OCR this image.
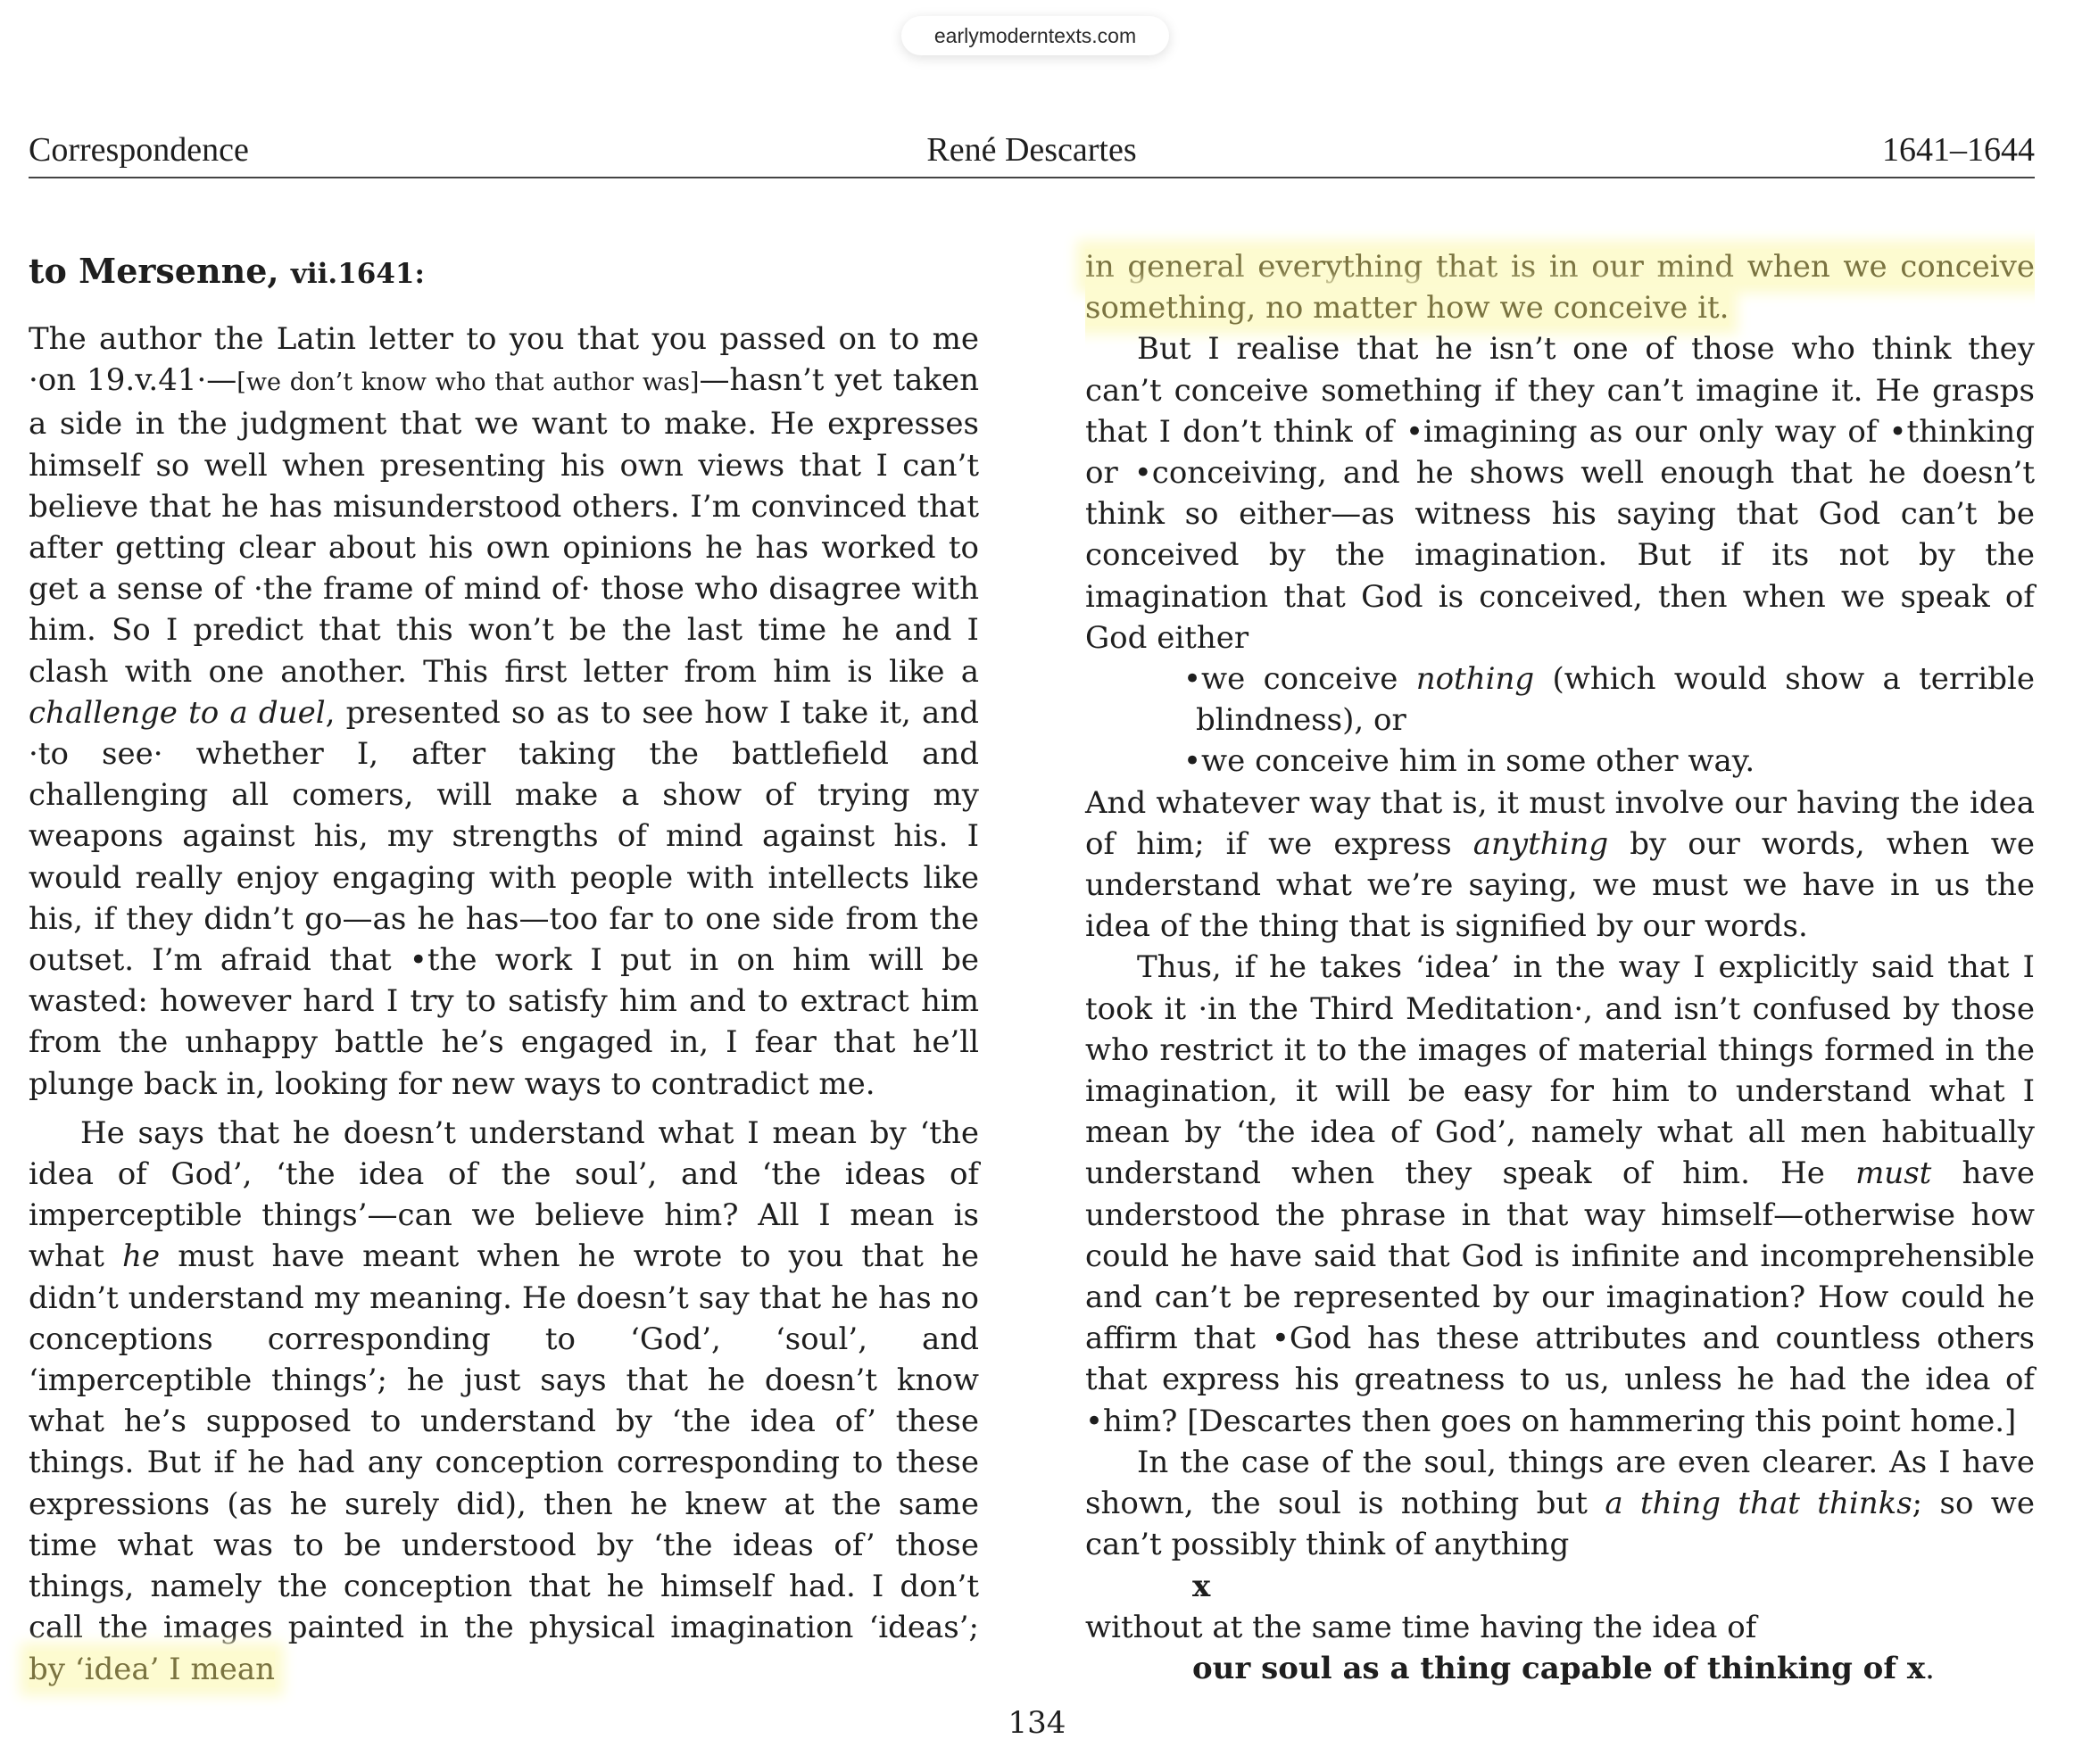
earlymoderntexts.com
Correspondence	René Descartes	1641–1644

to Mersenne, vii.1641:

The author the Latin letter to you that you passed on to me ·on 19.v.41·—[we don’t know who that author was]—hasn’t yet taken a side in the judgment that we want to make. He expresses himself so well when presenting his own views that I can’t believe that he has misunderstood others. I’m convinced that after getting clear about his own opinions he has worked to get a sense of ·the frame of mind of· those who disagree with him. So I predict that this won’t be the last time he and I clash with one another. This first letter from him is like a challenge to a duel, presented so as to see how I take it, and ·to see· whether I, after taking the battlefield and challenging all comers, will make a show of trying my weapons against his, my strengths of mind against his. I would really enjoy engaging with people with intellects like his, if they didn’t go—as he has—too far to one side from the outset. I’m afraid that •the work I put in on him will be wasted: however hard I try to satisfy him and to extract him from the unhappy battle he’s engaged in, I fear that he’ll plunge back in, looking for new ways to contradict me.

He says that he doesn’t understand what I mean by ‘the idea of God’, ‘the idea of the soul’, and ‘the ideas of imperceptible things’—can we believe him? All I mean is what he must have meant when he wrote to you that he didn’t understand my meaning. He doesn’t say that he has no conceptions corresponding to ‘God’, ‘soul’, and ‘imperceptible things’; he just says that he doesn’t know what he’s supposed to understand by ‘the idea of’ these things. But if he had any conception corresponding to these expressions (as he surely did), then he knew at the same time what was to be understood by ‘the ideas of’ those things, namely the conception that he himself had. I don’t call the images painted in the physical imagination ‘ideas’; by ‘idea’ I mean

in general everything that is in our mind when we conceive something, no matter how we conceive it.

But I realise that he isn’t one of those who think they can’t conceive something if they can’t imagine it. He grasps that I don’t think of •imagining as our only way of •thinking or •conceiving, and he shows well enough that he doesn’t think so either—as witness his saying that God can’t be conceived by the imagination. But if its not by the imagination that God is conceived, then when we speak of God either

•we conceive nothing (which would show a terrible blindness), or

•we conceive him in some other way.

And whatever way that is, it must involve our having the idea of him; if we express anything by our words, when we understand what we’re saying, we must we have in us the idea of the thing that is signified by our words.

Thus, if he takes ‘idea’ in the way I explicitly said that I took it ·in the Third Meditation·, and isn’t confused by those who restrict it to the images of material things formed in the imagination, it will be easy for him to understand what I mean by ‘the idea of God’, namely what all men habitually understand when they speak of him. He must have understood the phrase in that way himself—otherwise how could he have said that God is infinite and incomprehensible and can’t be represented by our imagination? How could he affirm that •God has these attributes and countless others that express his greatness to us, unless he had the idea of •him? [Descartes then goes on hammering this point home.]

In the case of the soul, things are even clearer. As I have shown, the soul is nothing but a thing that thinks; so we can’t possibly think of anything

x

without at the same time having the idea of

our soul as a thing capable of thinking of x.

134
